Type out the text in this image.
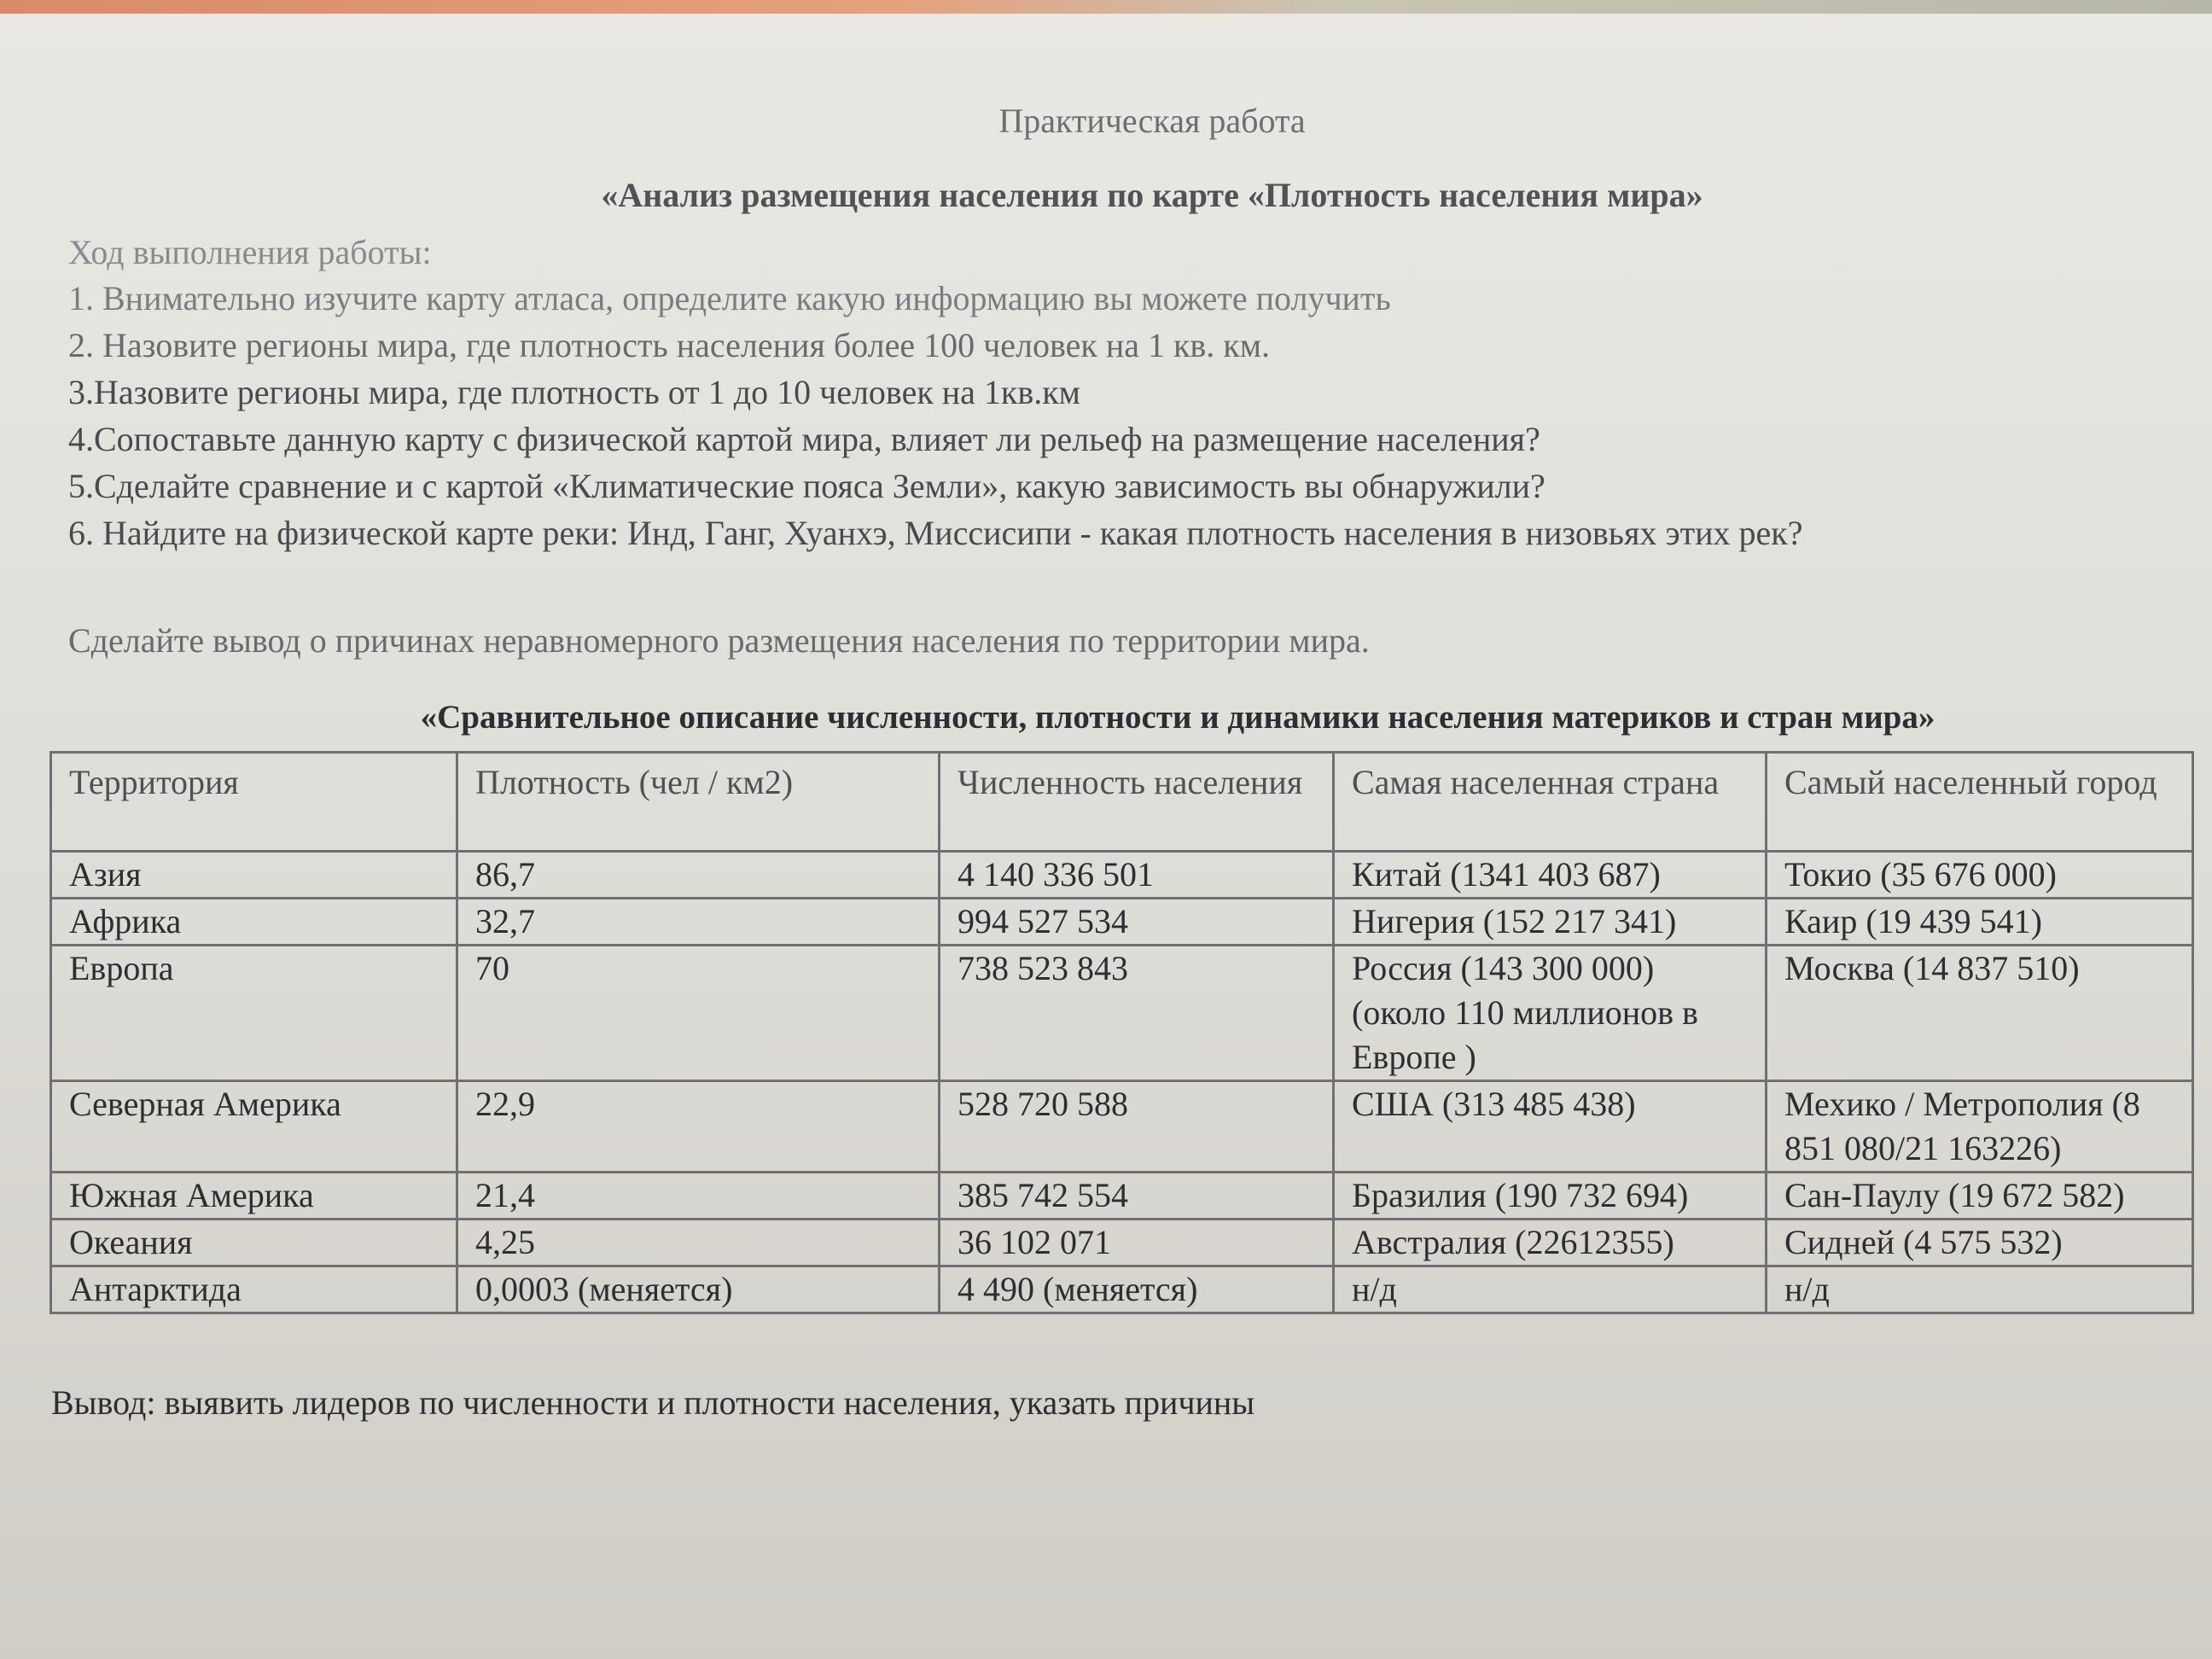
Практическая работа
«Анализ размещения населения по карте «Плотность населения мира»
Ход выполнения работы:
1. Внимательно изучите карту атласа, определите какую информацию вы можете получить
2. Назовите регионы мира, где плотность населения более 100 человек на 1 кв. км.
3.Назовите регионы мира, где плотность от 1 до 10 человек на 1кв.км
4.Сопоставьте данную карту с физической картой мира, влияет ли рельеф на размещение населения?
5.Сделайте сравнение и с картой «Климатические пояса Земли», какую зависимость вы обнаружили?
6. Найдите на физической карте реки: Инд, Ганг, Хуанхэ, Миссисипи - какая плотность населения в низовьях этих рек?
Сделайте вывод о причинах неравномерного размещения населения по территории мира.
«Сравнительное описание численности, плотности и динамики населения материков и стран мира»
Территория	Плотность (чел / км2)	Численность населения	Самая населенная страна	Самый населенный город
Азия	86,7	4 140 336 501	Китай (1341 403 687)	Токио (35 676 000)
Африка	32,7	994 527 534	Нигерия (152 217 341)	Каир (19 439 541)
Европа	70	738 523 843	Россия (143 300 000) (около 110 миллионов в Европе )	Москва (14 837 510)
Северная Америка	22,9	528 720 588	США (313 485 438)	Мехико / Метрополия (8 851 080/21 163226)
Южная Америка	21,4	385 742 554	Бразилия (190 732 694)	Сан-Паулу (19 672 582)
Океания	4,25	36 102 071	Австралия (22612355)	Сидней (4 575 532)
Антарктида	0,0003 (меняется)	4 490 (меняется)	н/д	н/д
Вывод: выявить лидеров по численности и плотности населения, указать причины
